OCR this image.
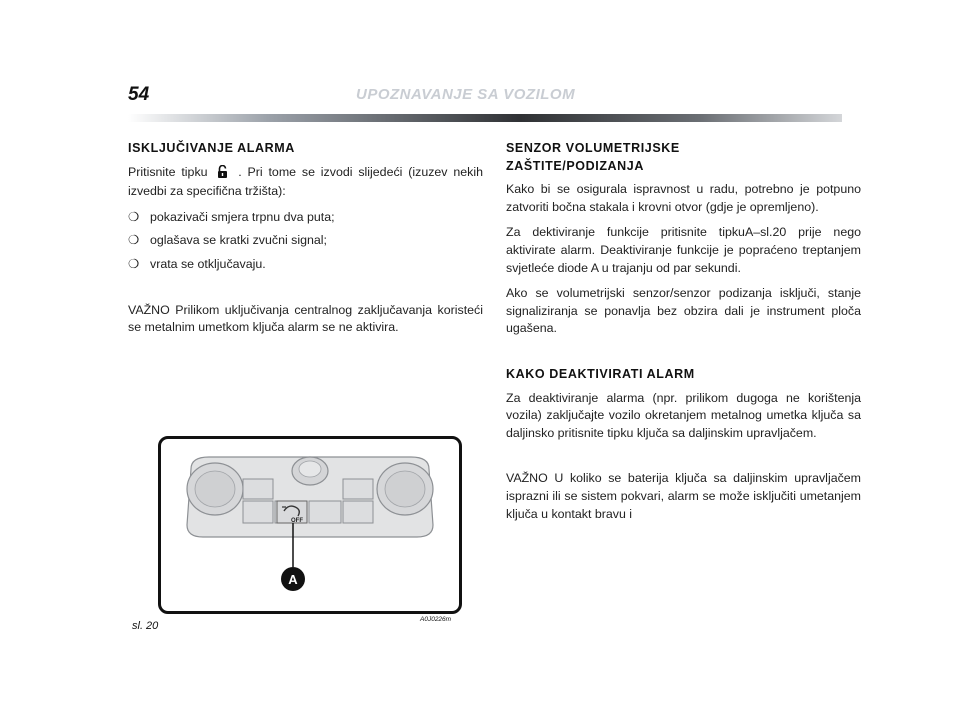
54	UPOZNAVANJE SA VOZILOM
ISKLJUČIVANJE ALARMA

Pritisnite tipku . Pri tome se izvodi slijedeći (izuzev nekih izvedbi za specifična tržišta):

❍ pokazivači smjera trpnu dva puta;
❍ oglašava se kratki zvučni signal;
❍ vrata se otključavaju.

VAŽNO Prilikom uključivanja centralnog zaključavanja koristeći se metalnim umetkom ključa alarm se ne aktivira.

SENZOR VOLUMETRIJSKE
ZAŠTITE/PODIZANJA

Kako bi se osigurala ispravnost u radu, potrebno je potpuno zatvoriti bočna stakala i krovni otvor (gdje je opremljeno).

Za dektiviranje funkcije pritisnite tipkuA–sl.20 prije nego aktivirate alarm. Deaktiviranje funkcije je popraćeno treptanjem svjetleće diode A u trajanju od par sekundi.

Ako se volumetrijski senzor/senzor podizanja isključi, stanje signaliziranja se ponavlja bez obzira dali je instrument ploča ugašena.

KAKO DEAKTIVIRATI ALARM

Za deaktiviranje alarma (npr. prilikom dugoga ne korištenja vozila) zaključajte vozilo okretanjem metalnog umetka ključa sa daljinsko pritisnite tipku ključa sa daljinskim upravljačem.

VAŽNO U koliko se baterija ključa sa daljinskim upravljačem isprazni ili se sistem pokvari, alarm se može isključiti umetanjem ključa u kontakt bravu i

OFF
A
sl. 20
A0J0226m
